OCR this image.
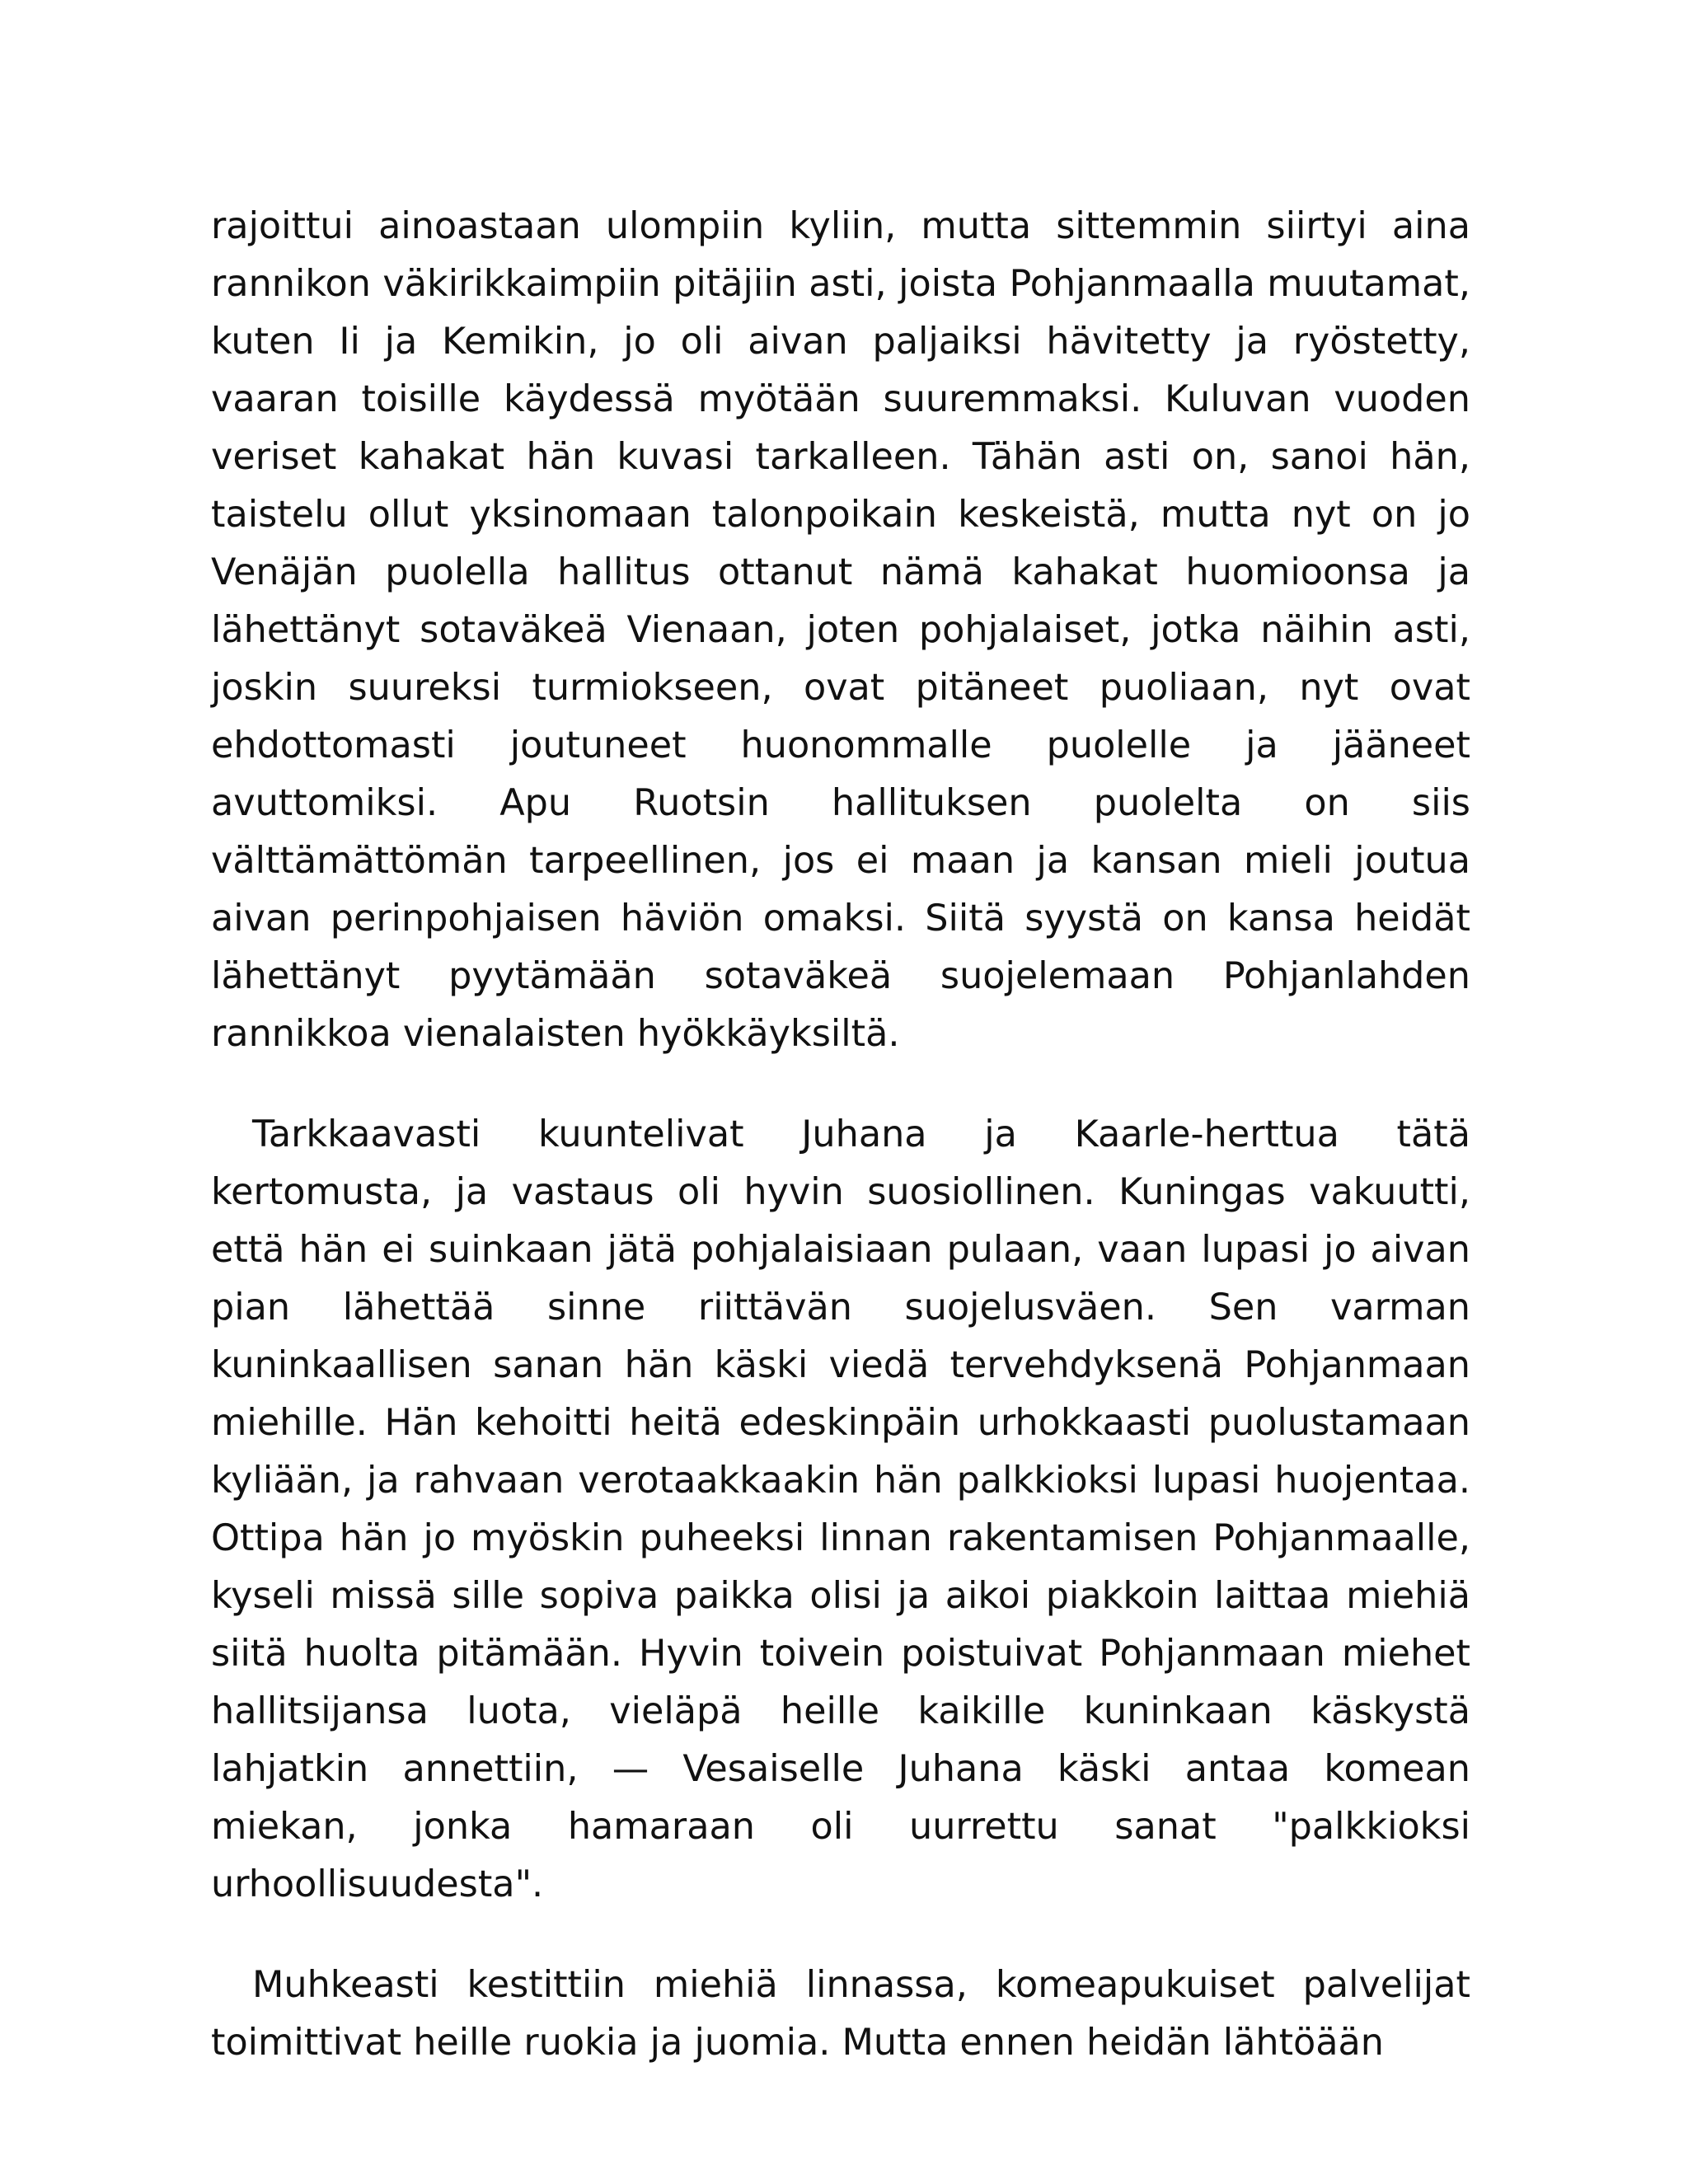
rajoittui ainoastaan ulompiin kyliin, mutta sittemmin siirtyi aina rannikon väkirikkaimpiin pitäjiin asti, joista Pohjanmaalla muutamat, kuten Ii ja Kemikin, jo oli aivan paljaiksi hävitetty ja ryöstetty, vaaran toisille käydessä myötään suuremmaksi. Kuluvan vuoden veriset kahakat hän kuvasi tarkalleen. Tähän asti on, sanoi hän, taistelu ollut yksinomaan talonpoikain keskeistä, mutta nyt on jo Venäjän puolella hallitus ottanut nämä kahakat huomioonsa ja lähettänyt sotaväkeä Vienaan, joten pohjalaiset, jotka näihin asti, joskin suureksi turmiokseen, ovat pitäneet puoliaan, nyt ovat ehdottomasti joutuneet huonommalle puolelle ja jääneet avuttomiksi. Apu Ruotsin hallituksen puolelta on siis välttämättömän tarpeellinen, jos ei maan ja kansan mieli joutua aivan perinpohjaisen häviön omaksi. Siitä syystä on kansa heidät lähettänyt pyytämään sotaväkeä suojelemaan Pohjanlahden rannikkoa vienalaisten hyökkäyksiltä.

Tarkkaavasti kuuntelivat Juhana ja Kaarle-herttua tätä kertomusta, ja vastaus oli hyvin suosiollinen. Kuningas vakuutti, että hän ei suinkaan jätä pohjalaisiaan pulaan, vaan lupasi jo aivan pian lähettää sinne riittävän suojelusväen. Sen varman kuninkaallisen sanan hän käski viedä tervehdyksenä Pohjanmaan miehille. Hän kehoitti heitä edeskinpäin urhokkaasti puolustamaan kyliään, ja rahvaan verotaakkaakin hän palkkioksi lupasi huojentaa. Ottipa hän jo myöskin puheeksi linnan rakentamisen Pohjanmaalle, kyseli missä sille sopiva paikka olisi ja aikoi piakkoin laittaa miehiä siitä huolta pitämään. Hyvin toivein poistuivat Pohjanmaan miehet hallitsijansa luota, vieläpä heille kaikille kuninkaan käskystä lahjatkin annettiin, — Vesaiselle Juhana käski antaa komean miekan, jonka hamaraan oli uurrettu sanat "palkkioksi urhoollisuudesta".

Muhkeasti kestittiin miehiä linnassa, komeapukuiset palvelijat toimittivat heille ruokia ja juomia. Mutta ennen heidän lähtöään
